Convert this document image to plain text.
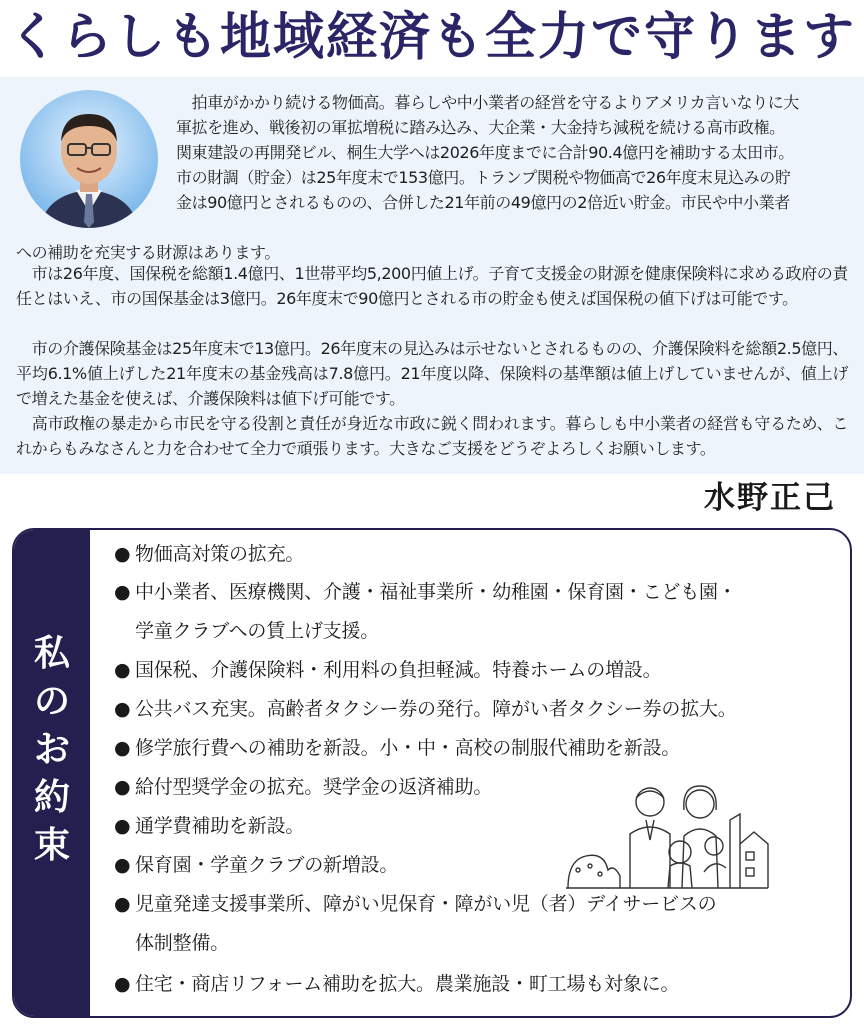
くらしも地域経済も全力で守ります

　拍車がかかり続ける物価高。暮らしや中小業者の経営を守るよりアメリカ言いなりに大
軍拡を進め、戦後初の軍拡増税に踏み込み、大企業・大金持ち減税を続ける高市政権。
関東建設の再開発ビル、桐生大学へは2026年度までに合計90.4億円を補助する太田市。
市の財調（貯金）は25年度末で153億円。トランプ関税や物価高で26年度末見込みの貯
金は90億円とされるものの、合併した21年前の49億円の2倍近い貯金。市民や中小業者

への補助を充実する財源はあります。

　市は26年度、国保税を総額1.4億円、1世帯平均5,200円値上げ。子育て支援金の財源を健康保険料に求める政府の責任とはいえ、市の国保基金は3億円。26年度末で90億円とされる市の貯金も使えば国保税の値下げは可能です。

　市の介護保険基金は25年度末で13億円。26年度末の見込みは示せないとされるものの、介護保険料を総額2.5億円、平均6.1%値上げした21年度末の基金残高は7.8億円。21年度以降、保険料の基準額は値上げしていませんが、値上げで増えた基金を使えば、介護保険料は値下げ可能です。

　高市政権の暴走から市民を守る役割と責任が身近な市政に鋭く問われます。暮らしも中小業者の経営も守るため、これからもみなさんと力を合わせて全力で頑張ります。大きなご支援をどうぞよろしくお願いします。

水野正己
私
の
お
約
束
● 物価高対策の拡充。
● 中小業者、医療機関、介護・福祉事業所・幼稚園・保育園・こども園・
学童クラブへの賃上げ支援。
● 国保税、介護保険料・利用料の負担軽減。特養ホームの増設。
● 公共バス充実。高齢者タクシー券の発行。障がい者タクシー券の拡大。
● 修学旅行費への補助を新設。小・中・高校の制服代補助を新設。
● 給付型奨学金の拡充。奨学金の返済補助。
● 通学費補助を新設。
● 保育園・学童クラブの新増設。
● 児童発達支援事業所、障がい児保育・障がい児（者）デイサービスの
体制整備。
● 住宅・商店リフォーム補助を拡大。農業施設・町工場も対象に。
